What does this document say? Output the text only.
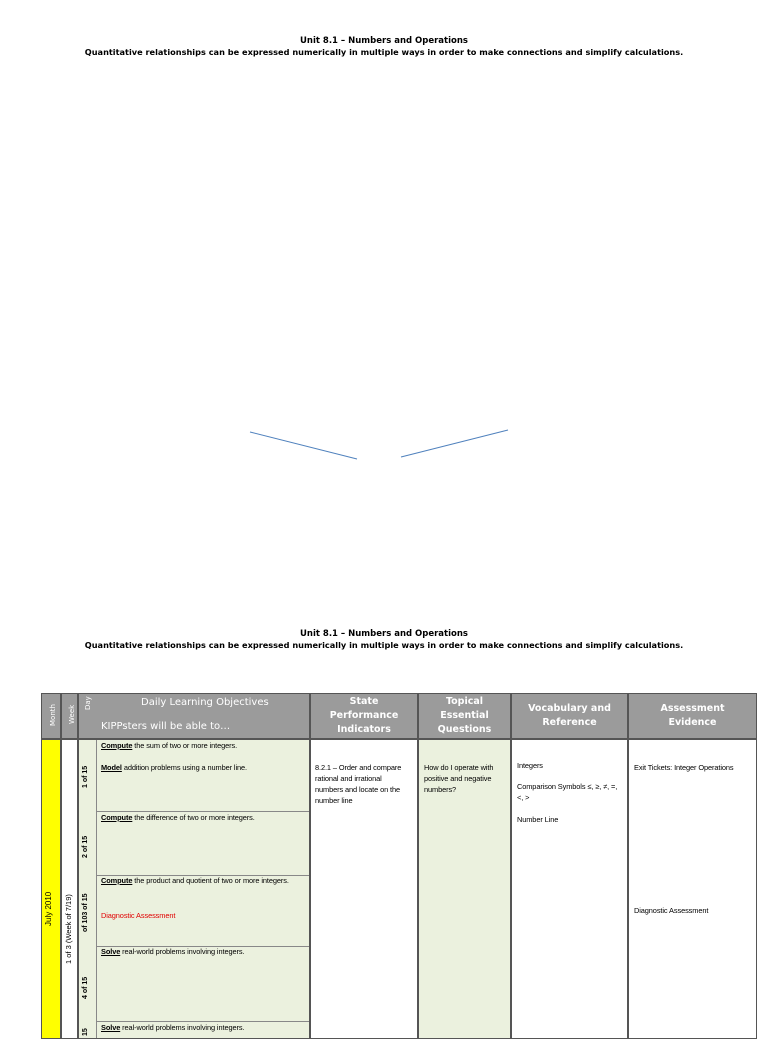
Unit 8.1 – Numbers and Operations
Quantitative relationships can be expressed numerically in multiple ways in order to make connections and simplify calculations.
Unit 8.1 – Numbers and Operations
Quantitative relationships can be expressed numerically in multiple ways in order to make connections and simplify calculations.
Month	Week
Day	Daily Learning Objectives
KIPPsters will be able to…
State Performance Indicators
Topical Essential Questions
Vocabulary and Reference
Assessment Evidence
July 2010 1 of 3 (Week of 7/19)
1 of 15
2 of 15
of 103 of 15
4 of 15
15
Compute the sum of two or more integers.
Model addition problems using a number line.
Compute the difference of two or more integers.
Compute the product and quotient of two or more integers.
Diagnostic Assessment
Solve real-world problems involving integers.
Solve real-world problems involving integers.
8.2.1 – Order and compare rational and irrational numbers and locate on the number line
How do I operate with positive and negative numbers?
Integers
Comparison Symbols ≤, ≥, ≠, =, <, >
Number Line
Exit Tickets: Integer Operations
Diagnostic Assessment
